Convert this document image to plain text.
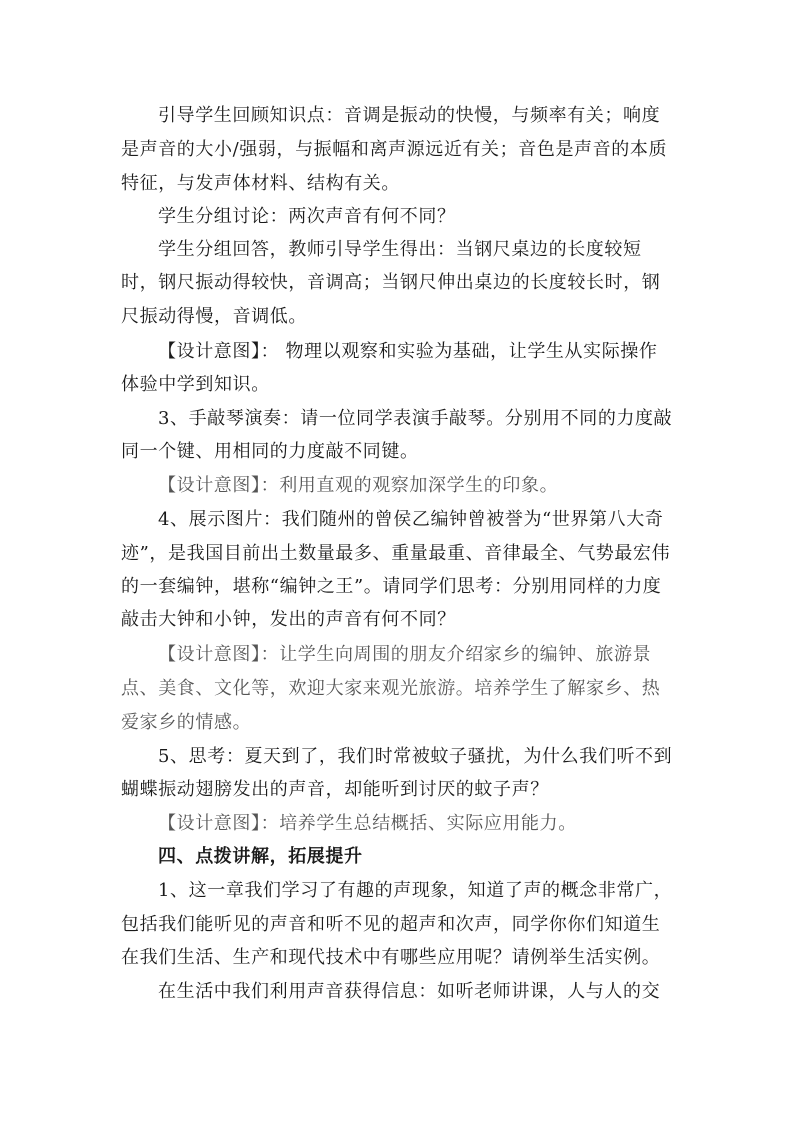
引导学生回顾知识点：音调是振动的快慢，与频率有关；响度
是声音的大小/强弱，与振幅和离声源远近有关；音色是声音的本质
特征，与发声体材料、结构有关。
学生分组讨论：两次声音有何不同？
学生分组回答，教师引导学生得出：当钢尺桌边的长度较短
时，钢尺振动得较快，音调高；当钢尺伸出桌边的长度较长时，钢
尺振动得慢，音调低。
【设计意图】： 物理以观察和实验为基础，让学生从实际操作
体验中学到知识。
3、手敲琴演奏：请一位同学表演手敲琴。分别用不同的力度敲
同一个键、用相同的力度敲不同键。
【设计意图】：利用直观的观察加深学生的印象。
4、展示图片：我们随州的曾侯乙编钟曾被誉为“世界第八大奇
迹”，是我国目前出土数量最多、重量最重、音律最全、气势最宏伟
的一套编钟，堪称“编钟之王”。请同学们思考：分别用同样的力度
敲击大钟和小钟，发出的声音有何不同？
【设计意图】：让学生向周围的朋友介绍家乡的编钟、旅游景
点、美食、文化等，欢迎大家来观光旅游。培养学生了解家乡、热
爱家乡的情感。
5、思考：夏天到了，我们时常被蚊子骚扰，为什么我们听不到
蝴蝶振动翅膀发出的声音，却能听到讨厌的蚊子声？
【设计意图】：培养学生总结概括、实际应用能力。
四、点拨讲解，拓展提升
1、这一章我们学习了有趣的声现象，知道了声的概念非常广，
包括我们能听见的声音和听不见的超声和次声，同学你你们知道生
在我们生活、生产和现代技术中有哪些应用呢？请例举生活实例。
在生活中我们利用声音获得信息：如听老师讲课，人与人的交
